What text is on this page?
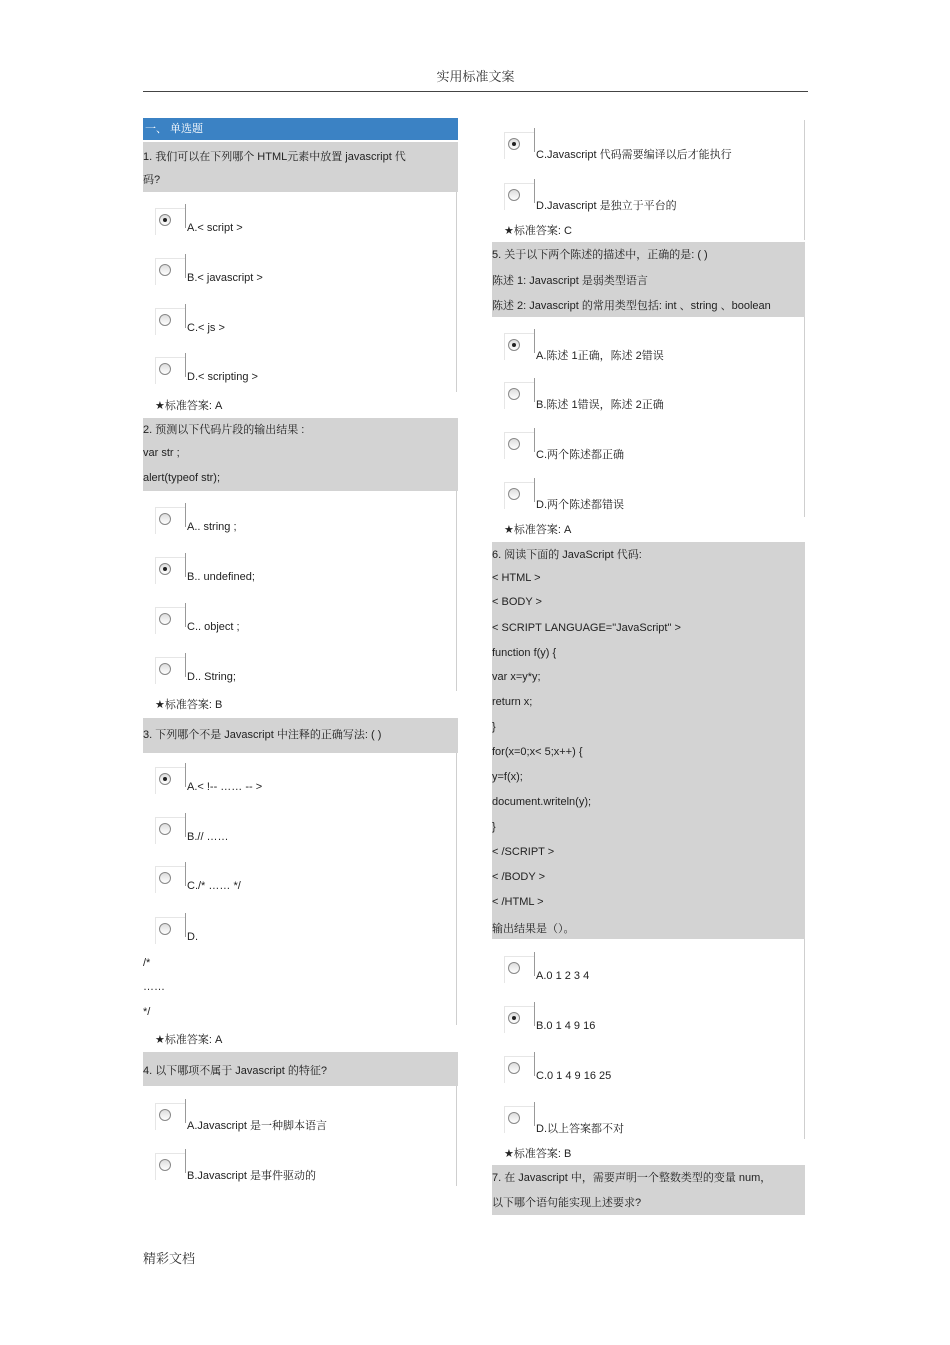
实用标准文案
一、 单选题
1. 我们可以在下列哪个 HTML元素中放置 javascript 代
码?
A.< script >
B.< javascript >
C.< js >
D.< scripting >
★标准答案: A
2. 预测以下代码片段的输出结果 :
var str ;
alert(typeof str);
A.. string ;
B.. undefined;
C.. object ;
D.. String;
★标准答案: B
3. 下列哪个不是 Javascript 中注释的正确写法: ( )
A.< !-- …… -- >
B.// ……
C./* …… */
D.
/*
……
*/
★标准答案: A
4. 以下哪项不属于 Javascript 的特征?
A.Javascript 是一种脚本语言
B.Javascript 是事件驱动的
C.Javascript 代码需要编译以后才能执行
D.Javascript 是独立于平台的
★标准答案: C
5. 关于以下两个陈述的描述中，正确的是: ( )
陈述 1: Javascript 是弱类型语言
陈述 2: Javascript 的常用类型包括: int 、string 、boolean
A.陈述 1正确，陈述 2错误
B.陈述 1错误，陈述 2正确
C.两个陈述都正确
D.两个陈述都错误
★标准答案: A
6. 阅读下面的 JavaScript 代码:
< HTML >
< BODY >
< SCRIPT LANGUAGE="JavaScript" >
function f(y) {
var x=y*y;
return x;
}
for(x=0;x< 5;x++) {
y=f(x);
document.writeln(y);
}
< /SCRIPT >
< /BODY >
< /HTML >
输出结果是（）。
A.0 1 2 3 4
B.0 1 4 9 16
C.0 1 4 9 16 25
D.以上答案都不对
★标准答案: B
7. 在 Javascript 中，需要声明一个整数类型的变量 num，
以下哪个语句能实现上述要求?
精彩文档
